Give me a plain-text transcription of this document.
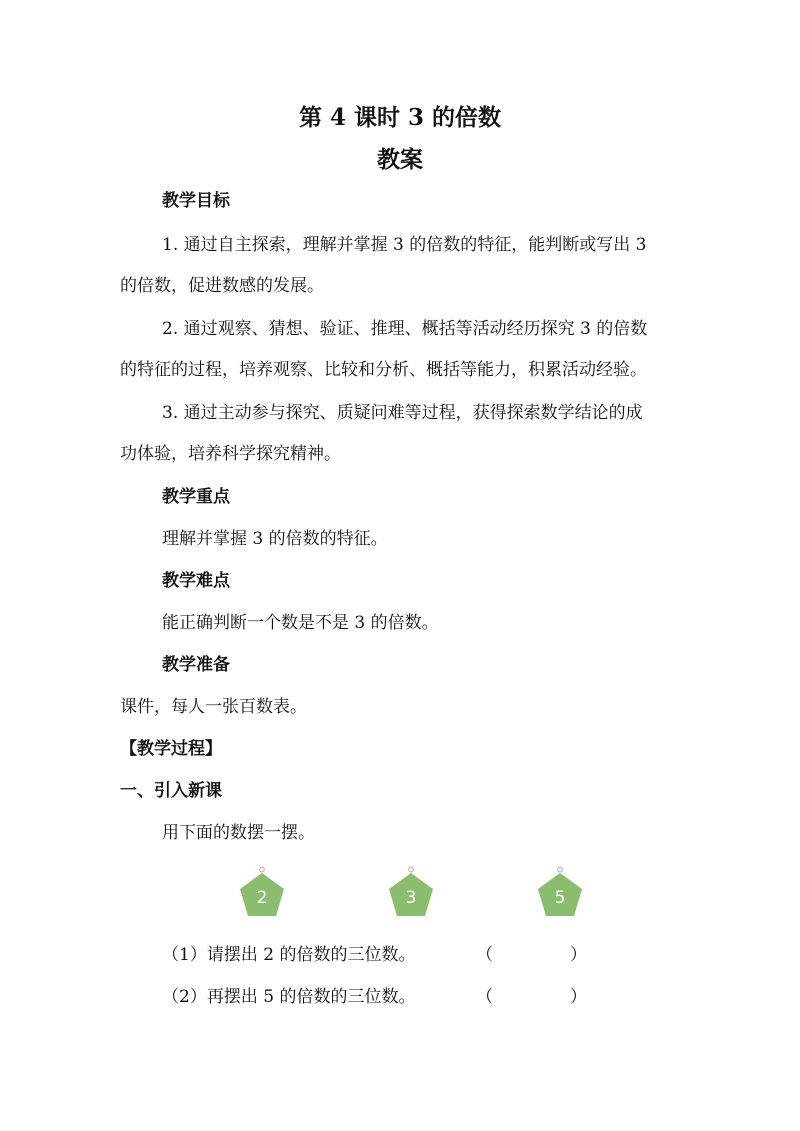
第 4 课时 3 的倍数
教案
教学目标
1. 通过自主探索，理解并掌握 3 的倍数的特征，能判断或写出 3
的倍数，促进数感的发展。
2. 通过观察、猜想、验证、推理、概括等活动经历探究 3 的倍数
的特征的过程，培养观察、比较和分析、概括等能力，积累活动经验。
3. 通过主动参与探究、质疑问难等过程，获得探索数学结论的成
功体验，培养科学探究精神。
教学重点
理解并掌握 3 的倍数的特征。
教学难点
能正确判断一个数是不是 3 的倍数。
教学准备
课件，每人一张百数表。
【教学过程】
一、引入新课
用下面的数摆一摆。
2	3	5
（1）请摆出 2 的倍数的三位数。	（	）
（2）再摆出 5 的倍数的三位数。	（	）
